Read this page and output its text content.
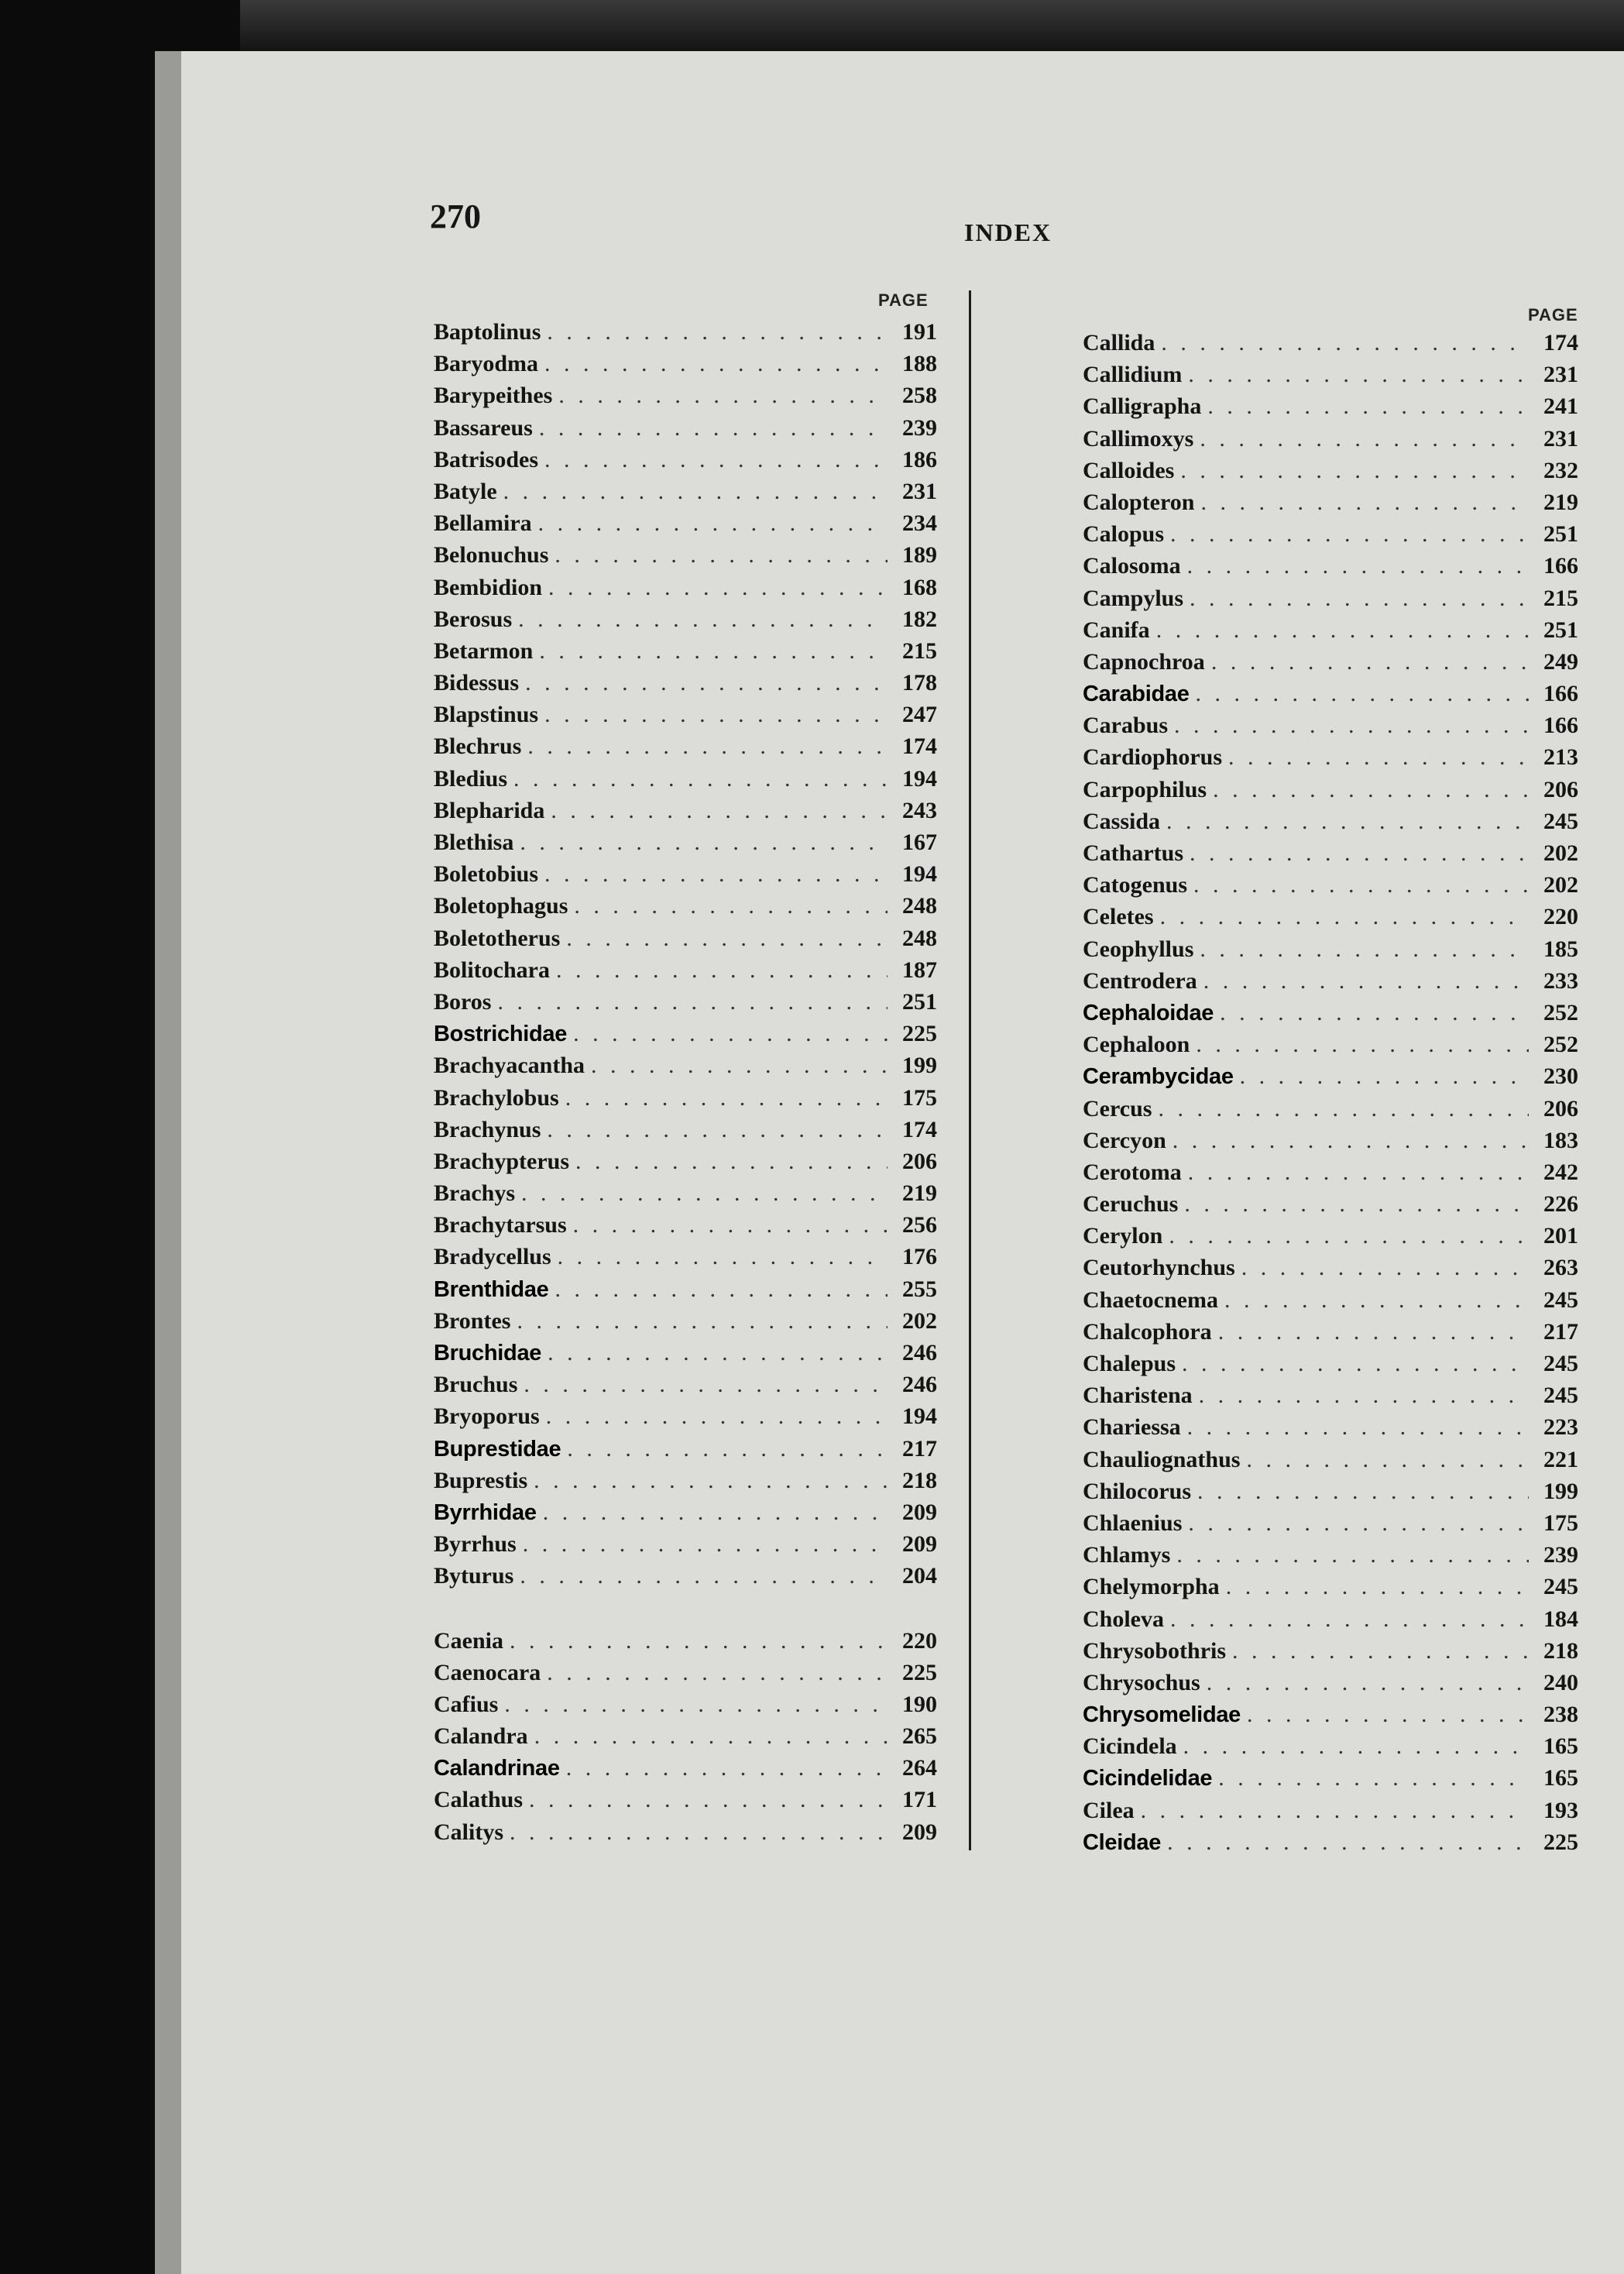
270	INDEX
PAGE
PAGE
Baptolinus . . .	191
Baryodma . . .	188
Barypeithes . . .	258
Bassareus . . .	239
Batrisodes . . .	186
Batyle . . .	231
Bellamira . . .	234
Belonuchus . . .	189
Bembidion . . .	168
Berosus . . .	182
Betarmon . . .	215
Bidessus . . .	178
Blapstinus . . .	247
Blechrus . . .	174
Bledius . . .	194
Blepharida . . .	243
Blethisa . . .	167
Boletobius . . .	194
Boletophagus . . .	248
Boletotherus . . .	248
Bolitochara . . .	187
Boros . . .	251
Bostrichidae . . .	225
Brachyacantha . . .	199
Brachylobus . . .	175
Brachynus . . .	174
Brachypterus . . .	206
Brachys . . .	219
Brachytarsus . . .	256
Bradycellus . . .	176
Brenthidae . . .	255
Brontes . . .	202
Bruchidae . . .	246
Bruchus . . .	246
Bryoporus . . .	194
Buprestidae . . .	217
Buprestis . . .	218
Byrrhidae . . .	209
Byrrhus . . .	209
Byturus . . .	204
Caenia . . .	220
Caenocara . . .	225
Cafius . . .	190
Calandra . . .	265
Calandrinae . . .	264
Calathus . . .	171
Calitys . . .	209
Callida . . .	174
Callidium . . .	231
Calligrapha . . .	241
Callimoxys . . .	231
Calloides . . .	232
Calopteron . . .	219
Calopus . . .	251
Calosoma . . .	166
Campylus . . .	215
Canifa . . .	251
Capnochroa . . .	249
Carabidae . . .	166
Carabus . . .	166
Cardiophorus . . .	213
Carpophilus . . .	206
Cassida . . .	245
Cathartus . . .	202
Catogenus . . .	202
Celetes . . .	220
Ceophyllus . . .	185
Centrodera . . .	233
Cephaloidae . . .	252
Cephaloon . . .	252
Cerambycidae . . .	230
Cercus . . .	206
Cercyon . . .	183
Cerotoma . . .	242
Ceruchus . . .	226
Cerylon . . .	201
Ceutorhynchus . . .	263
Chaetocnema . . .	245
Chalcophora . . .	217
Chalepus . . .	245
Charistena . . .	245
Chariessa . . .	223
Chauliognathus . . .	221
Chilocorus . . .	199
Chlaenius . . .	175
Chlamys . . .	239
Chelymorpha . . .	245
Choleva . . .	184
Chrysobothris . . .	218
Chrysochus . . .	240
Chrysomelidae . . .	238
Cicindela . . .	165
Cicindelidae . . .	165
Cilea . . .	193
Cleidae . . .	225
